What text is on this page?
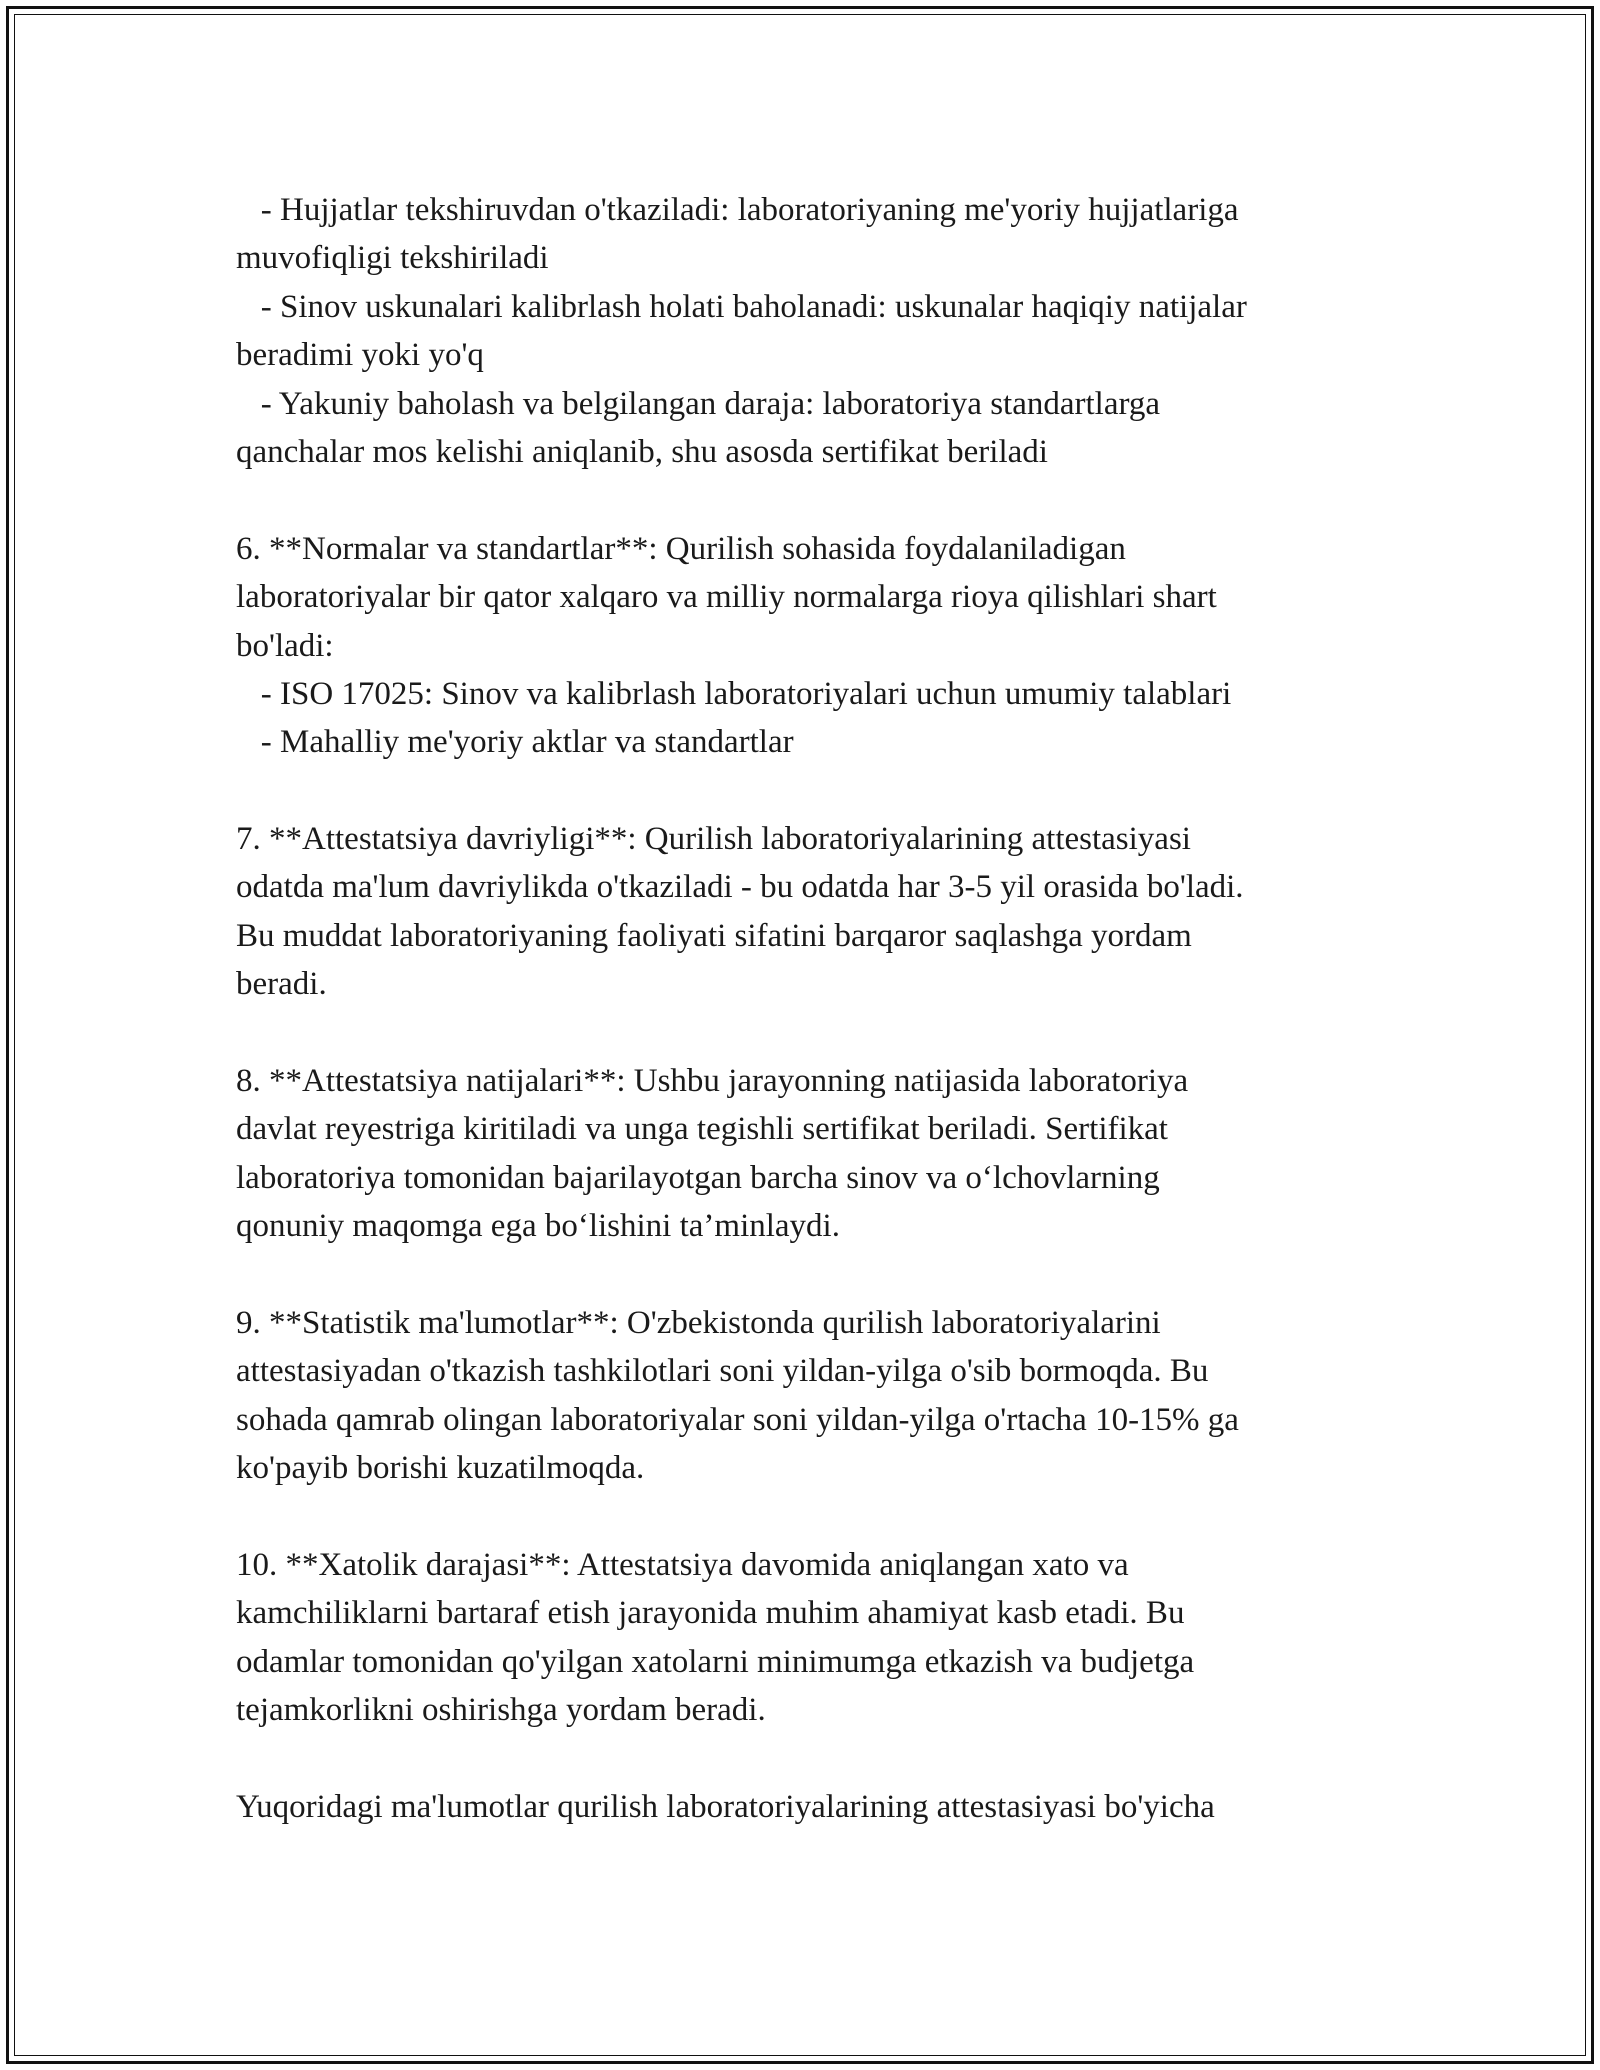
- Hujjatlar tekshiruvdan o'tkaziladi: laboratoriyaning me'yoriy hujjatlariga
muvofiqligi tekshiriladi
- Sinov uskunalari kalibrlash holati baholanadi: uskunalar haqiqiy natijalar
beradimi yoki yo'q
- Yakuniy baholash va belgilangan daraja: laboratoriya standartlarga
qanchalar mos kelishi aniqlanib, shu asosda sertifikat beriladi
6. **Normalar va standartlar**: Qurilish sohasida foydalaniladigan
laboratoriyalar bir qator xalqaro va milliy normalarga rioya qilishlari shart
bo'ladi:
- ISO 17025: Sinov va kalibrlash laboratoriyalari uchun umumiy talablari
- Mahalliy me'yoriy aktlar va standartlar
7. **Attestatsiya davriyligi**: Qurilish laboratoriyalarining attestasiyasi
odatda ma'lum davriylikda o'tkaziladi - bu odatda har 3-5 yil orasida bo'ladi.
Bu muddat laboratoriyaning faoliyati sifatini barqaror saqlashga yordam
beradi.
8. **Attestatsiya natijalari**: Ushbu jarayonning natijasida laboratoriya
davlat reyestriga kiritiladi va unga tegishli sertifikat beriladi. Sertifikat
laboratoriya tomonidan bajarilayotgan barcha sinov va o‘lchovlarning
qonuniy maqomga ega bo‘lishini ta’minlaydi.
9. **Statistik ma'lumotlar**: O'zbekistonda qurilish laboratoriyalarini
attestasiyadan o'tkazish tashkilotlari soni yildan-yilga o'sib bormoqda. Bu
sohada qamrab olingan laboratoriyalar soni yildan-yilga o'rtacha 10-15% ga
ko'payib borishi kuzatilmoqda.
10. **Xatolik darajasi**: Attestatsiya davomida aniqlangan xato va
kamchiliklarni bartaraf etish jarayonida muhim ahamiyat kasb etadi. Bu
odamlar tomonidan qo'yilgan xatolarni minimumga etkazish va budjetga
tejamkorlikni oshirishga yordam beradi.
Yuqoridagi ma'lumotlar qurilish laboratoriyalarining attestasiyasi bo'yicha
